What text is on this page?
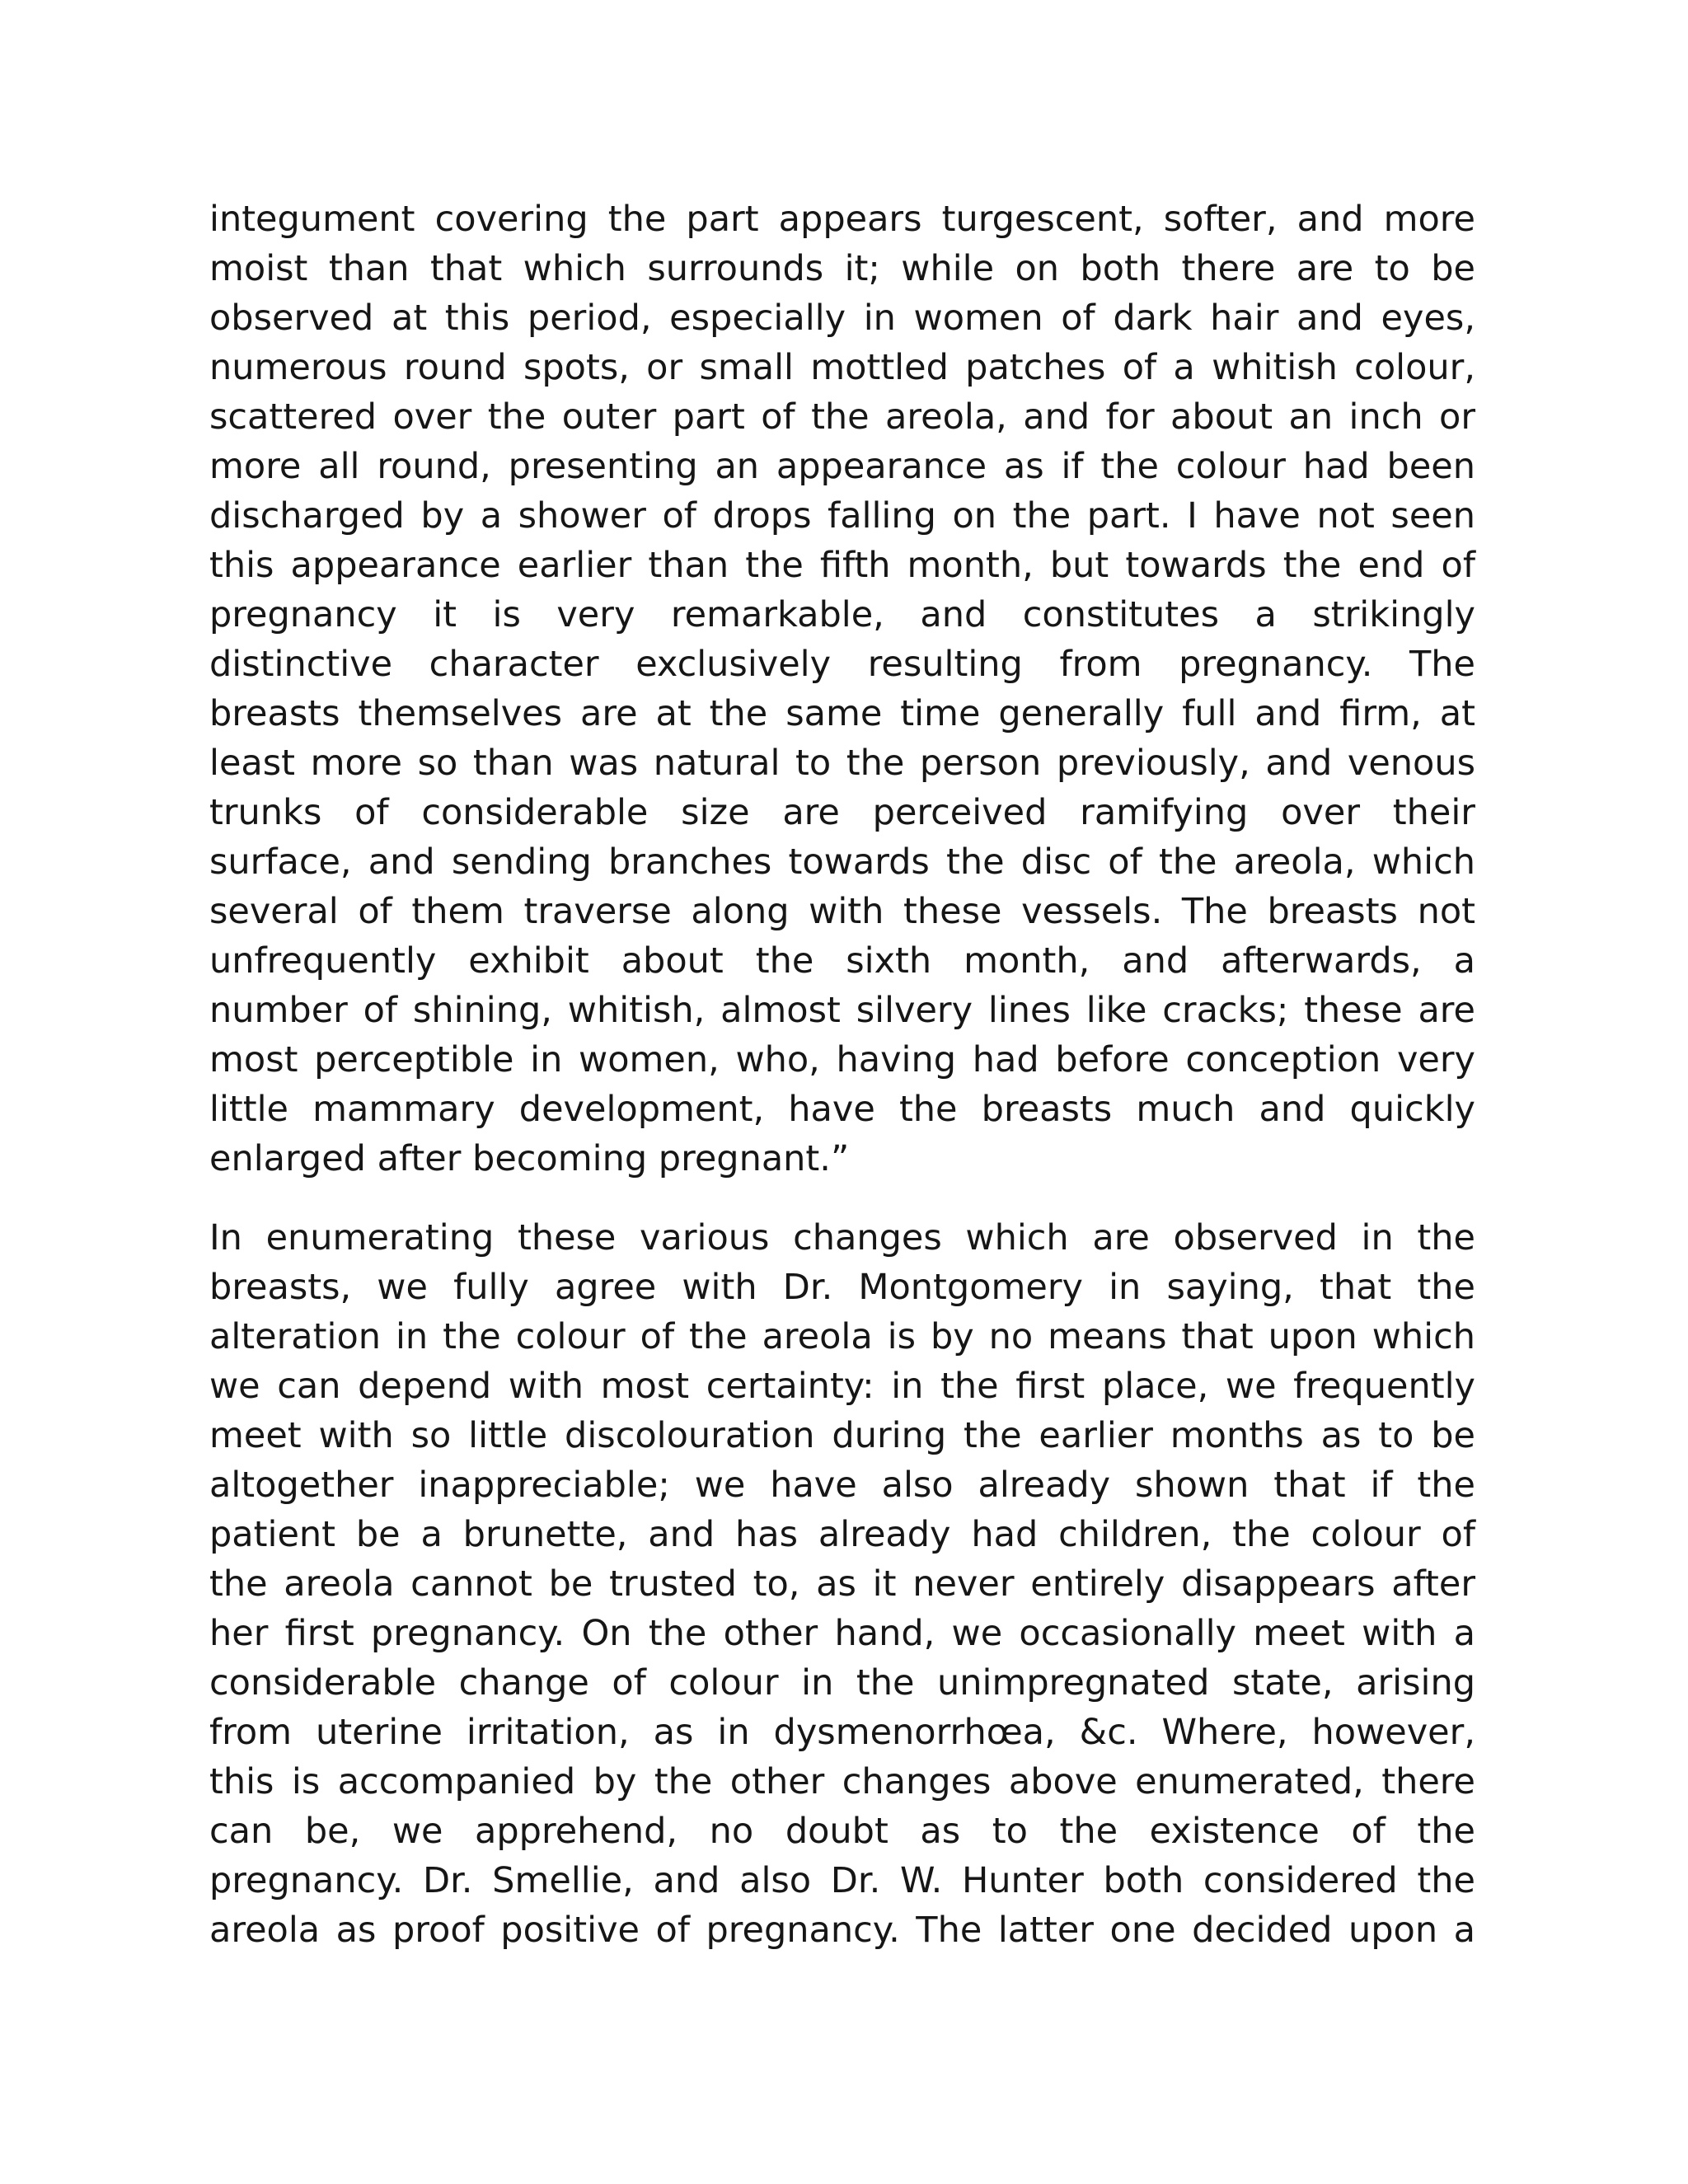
integument covering the part appears turgescent, softer, and more
moist than that which surrounds it; while on both there are to be
observed at this period, especially in women of dark hair and eyes,
numerous round spots, or small mottled patches of a whitish colour,
scattered over the outer part of the areola, and for about an inch or
more all round, presenting an appearance as if the colour had been
discharged by a shower of drops falling on the part. I have not seen
this appearance earlier than the fifth month, but towards the end of
pregnancy it is very remarkable, and constitutes a strikingly
distinctive character exclusively resulting from pregnancy. The
breasts themselves are at the same time generally full and firm, at
least more so than was natural to the person previously, and venous
trunks of considerable size are perceived ramifying over their
surface, and sending branches towards the disc of the areola, which
several of them traverse along with these vessels. The breasts not
unfrequently exhibit about the sixth month, and afterwards, a
number of shining, whitish, almost silvery lines like cracks; these are
most perceptible in women, who, having had before conception very
little mammary development, have the breasts much and quickly
enlarged after becoming pregnant.”
In enumerating these various changes which are observed in the
breasts, we fully agree with Dr. Montgomery in saying, that the
alteration in the colour of the areola is by no means that upon which
we can depend with most certainty: in the first place, we frequently
meet with so little discolouration during the earlier months as to be
altogether inappreciable; we have also already shown that if the
patient be a brunette, and has already had children, the colour of
the areola cannot be trusted to, as it never entirely disappears after
her first pregnancy. On the other hand, we occasionally meet with a
considerable change of colour in the unimpregnated state, arising
from uterine irritation, as in dysmenorrhœa, &c. Where, however,
this is accompanied by the other changes above enumerated, there
can be, we apprehend, no doubt as to the existence of the
pregnancy. Dr. Smellie, and also Dr. W. Hunter both considered the
areola as proof positive of pregnancy. The latter one decided upon a
